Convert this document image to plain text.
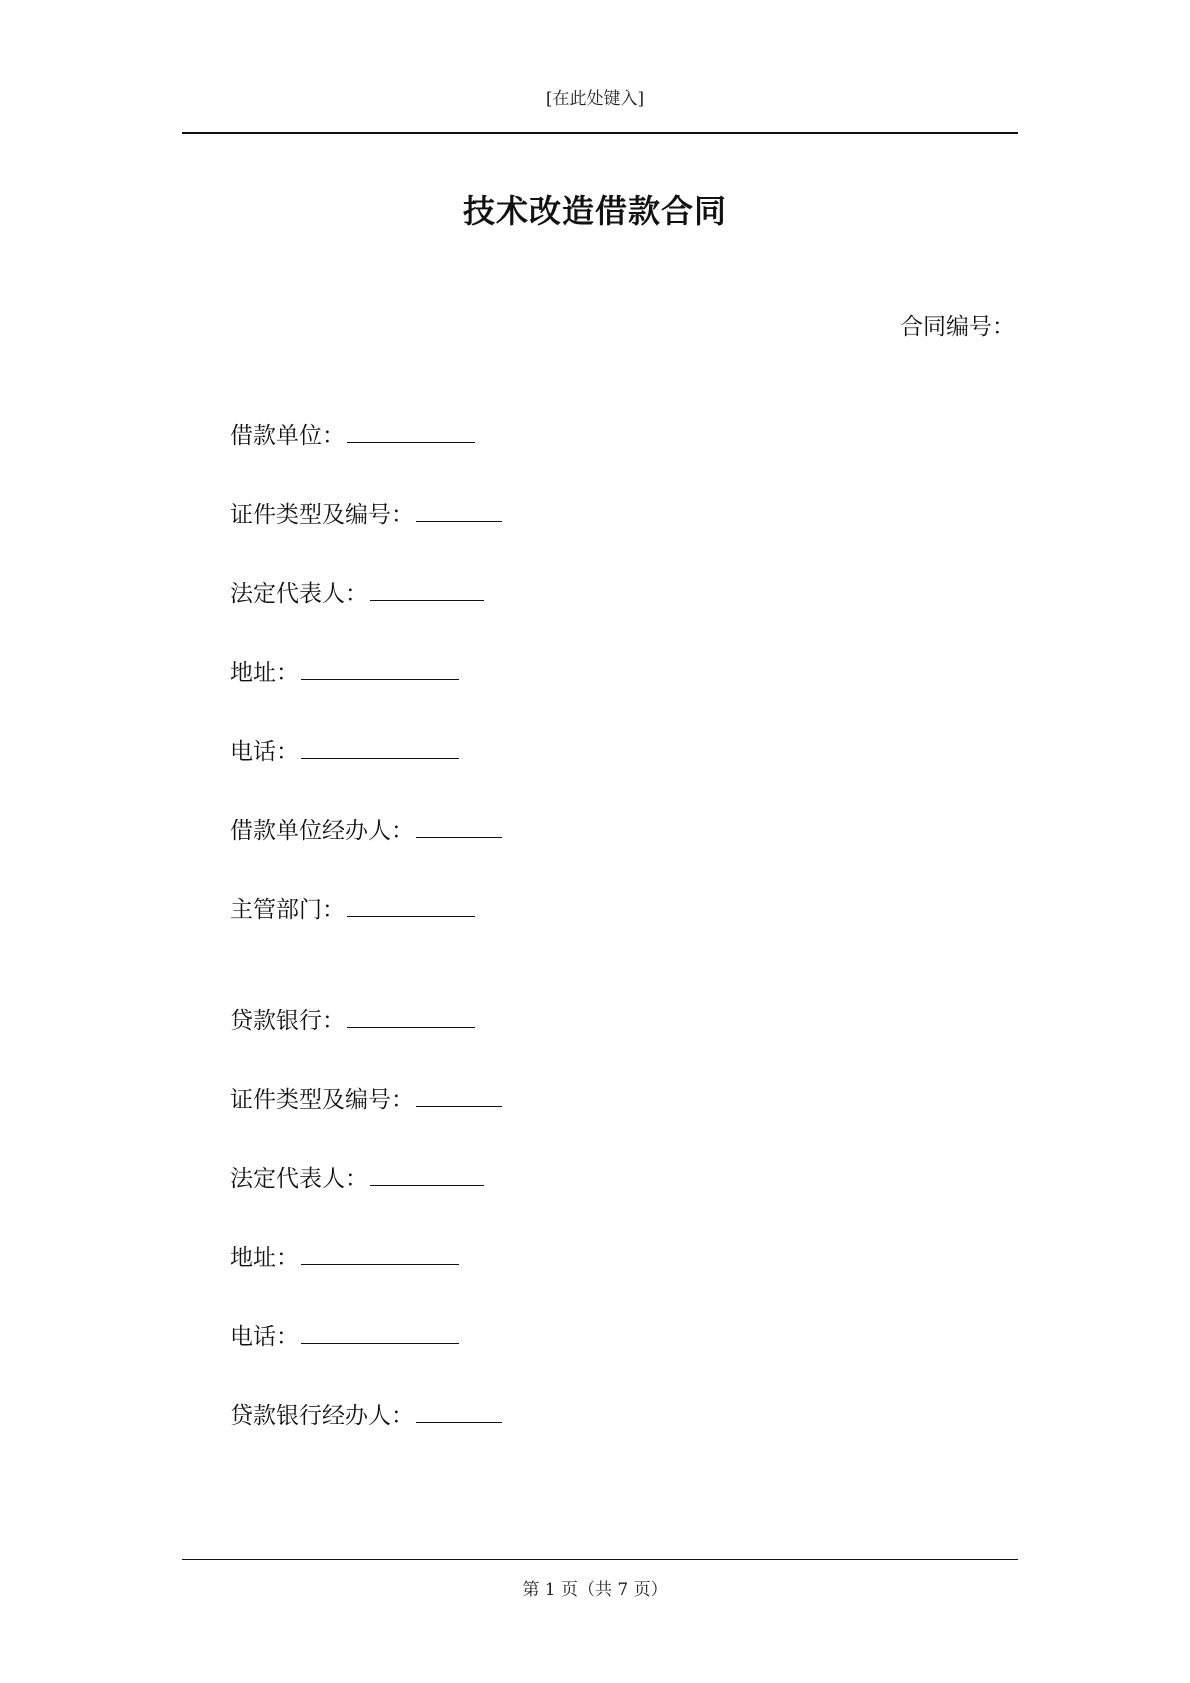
[在此处键入]
技术改造借款合同
合同编号：
借款单位：
证件类型及编号：
法定代表人：
地址：
电话：
借款单位经办人：
主管部门：
贷款银行：
证件类型及编号：
法定代表人：
地址：
电话：
贷款银行经办人：
第 1 页（共 7 页）
